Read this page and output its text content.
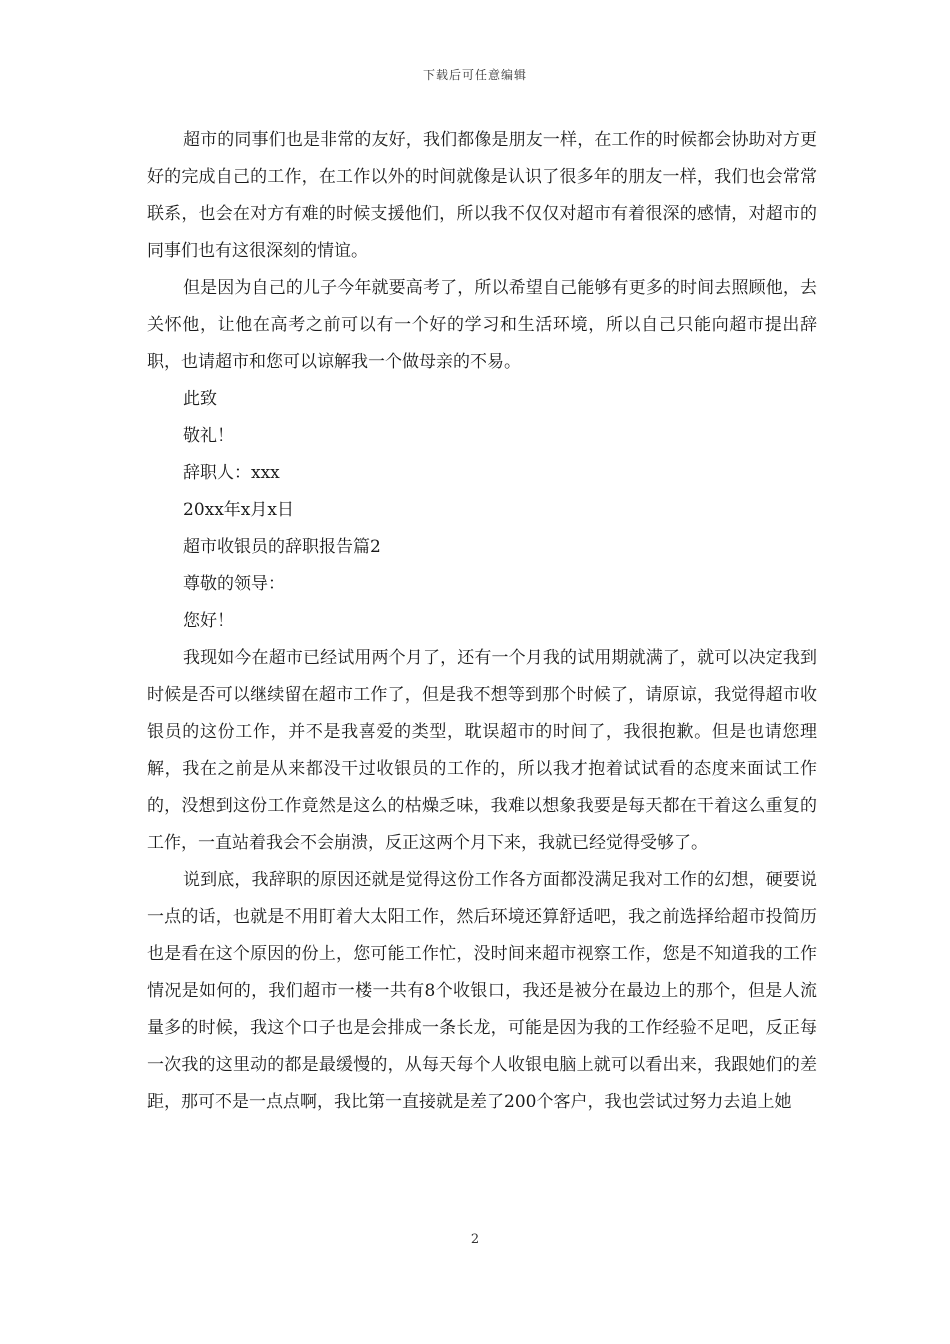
下载后可任意编辑

超市的同事们也是非常的友好，我们都像是朋友一样，在工作的时候都会协助对方更好的完成自己的工作，在工作以外的时间就像是认识了很多年的朋友一样，我们也会常常联系，也会在对方有难的时候支援他们，所以我不仅仅对超市有着很深的感情，对超市的同事们也有这很深刻的情谊。

但是因为自己的儿子今年就要高考了，所以希望自己能够有更多的时间去照顾他，去关怀他，让他在高考之前可以有一个好的学习和生活环境，所以自己只能向超市提出辞职，也请超市和您可以谅解我一个做母亲的不易。

此致

敬礼！

辞职人：xxx

20xx年x月x日

超市收银员的辞职报告篇2

尊敬的领导：

您好！

我现如今在超市已经试用两个月了，还有一个月我的试用期就满了，就可以决定我到时候是否可以继续留在超市工作了，但是我不想等到那个时候了，请原谅，我觉得超市收银员的这份工作，并不是我喜爱的类型，耽误超市的时间了，我很抱歉。但是也请您理解，我在之前是从来都没干过收银员的工作的，所以我才抱着试试看的态度来面试工作的，没想到这份工作竟然是这么的枯燥乏味，我难以想象我要是每天都在干着这么重复的工作，一直站着我会不会崩溃，反正这两个月下来，我就已经觉得受够了。

说到底，我辞职的原因还就是觉得这份工作各方面都没满足我对工作的幻想，硬要说一点的话，也就是不用盯着大太阳工作，然后环境还算舒适吧，我之前选择给超市投简历也是看在这个原因的份上，您可能工作忙，没时间来超市视察工作，您是不知道我的工作情况是如何的，我们超市一楼一共有8个收银口，我还是被分在最边上的那个，但是人流量多的时候，我这个口子也是会排成一条长龙，可能是因为我的工作经验不足吧，反正每一次我的这里动的都是最缓慢的，从每天每个人收银电脑上就可以看出来，我跟她们的差距，那可不是一点点啊，我比第一直接就是差了200个客户，我也尝试过努力去追上她

2
